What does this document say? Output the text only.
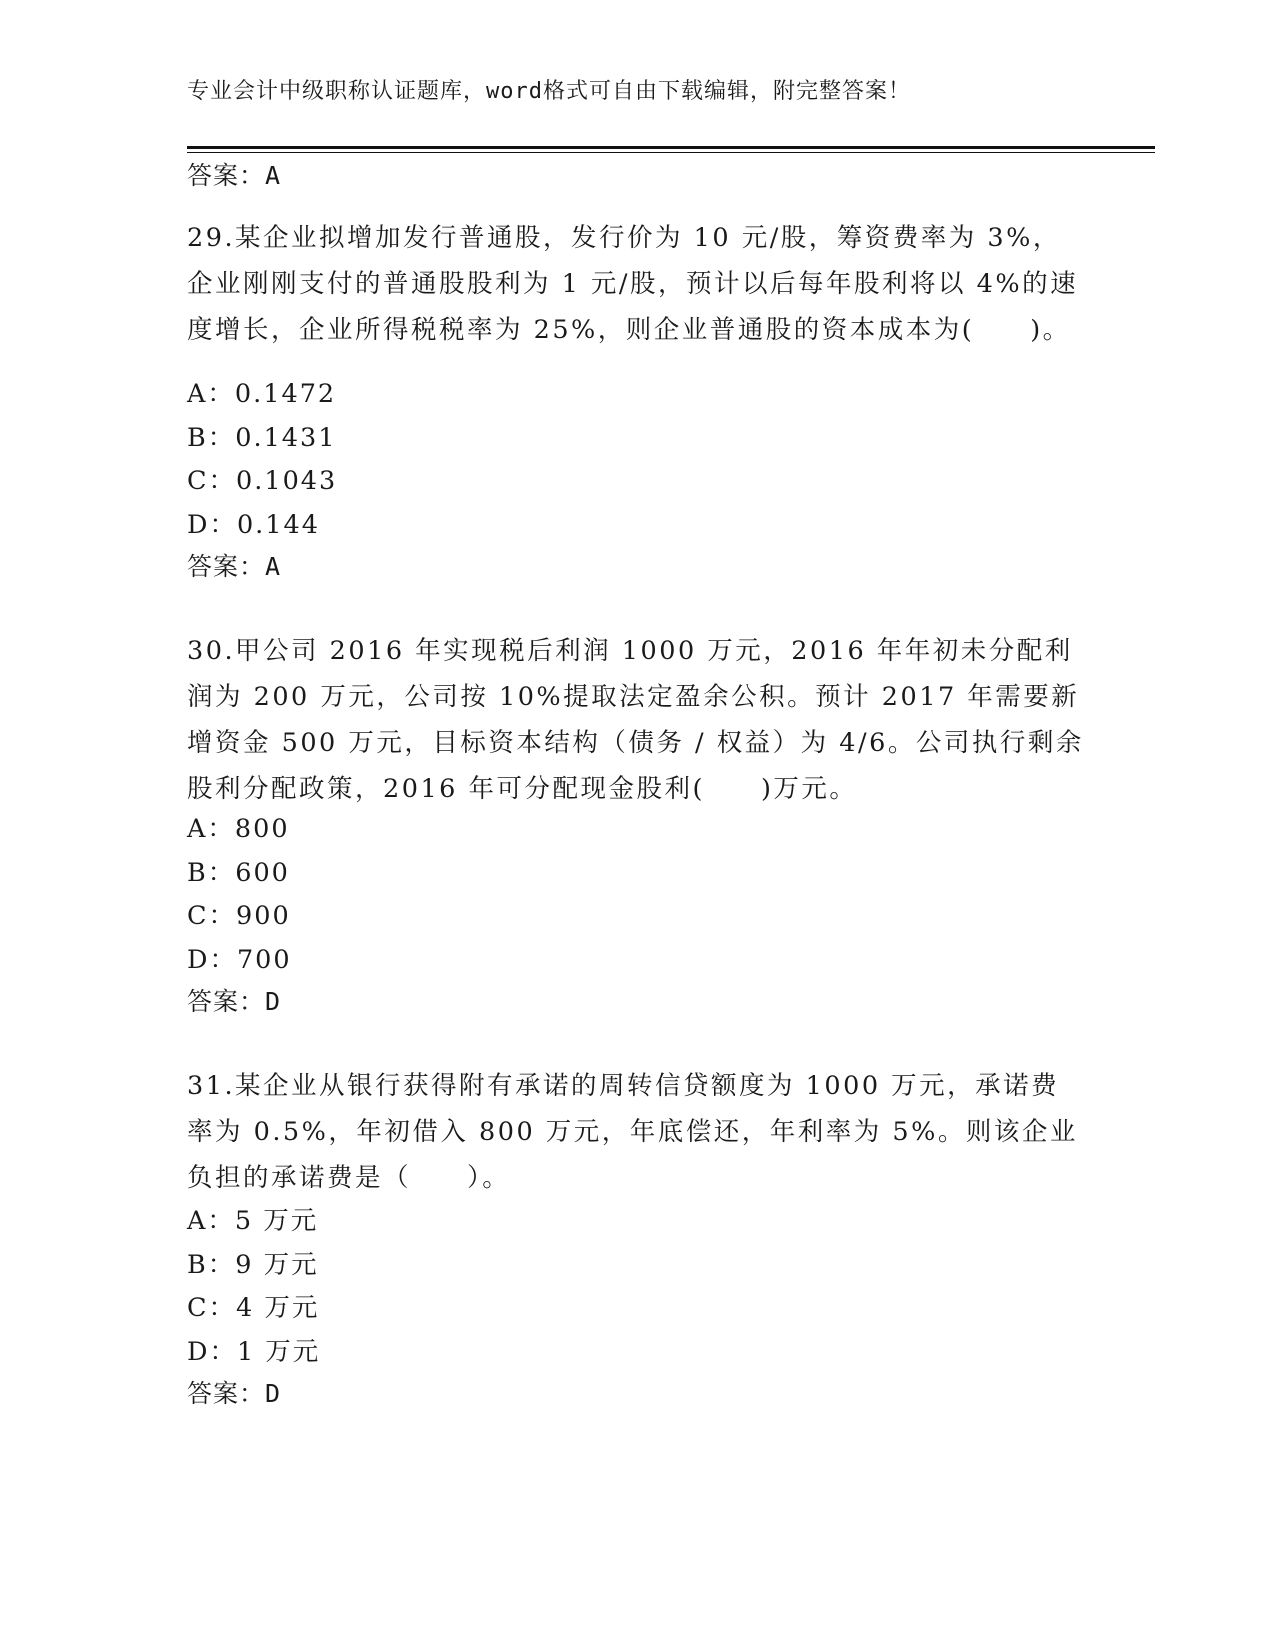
专业会计中级职称认证题库，word格式可自由下载编辑，附完整答案！
答案：A

29.某企业拟增加发行普通股，发行价为 10 元/股，筹资费率为 3%，企业刚刚支付的普通股股利为 1 元/股，预计以后每年股利将以 4%的速度增长，企业所得税税率为 25%，则企业普通股的资本成本为(　　)。

A：0.1472
B：0.1431
C：0.1043
D：0.144
答案：A

30.甲公司 2016 年实现税后利润 1000 万元，2016 年年初未分配利润为 200 万元，公司按 10%提取法定盈余公积。预计 2017 年需要新增资金 500 万元，目标资本结构（债务 / 权益）为 4/6。公司执行剩余股利分配政策，2016 年可分配现金股利(　　)万元。

A：800
B：600
C：900
D：700
答案：D

31.某企业从银行获得附有承诺的周转信贷额度为 1000 万元，承诺费率为 0.5%，年初借入 800 万元，年底偿还，年利率为 5%。则该企业负担的承诺费是（　　）。

A：5 万元
B：9 万元
C：4 万元
D：1 万元
答案：D
